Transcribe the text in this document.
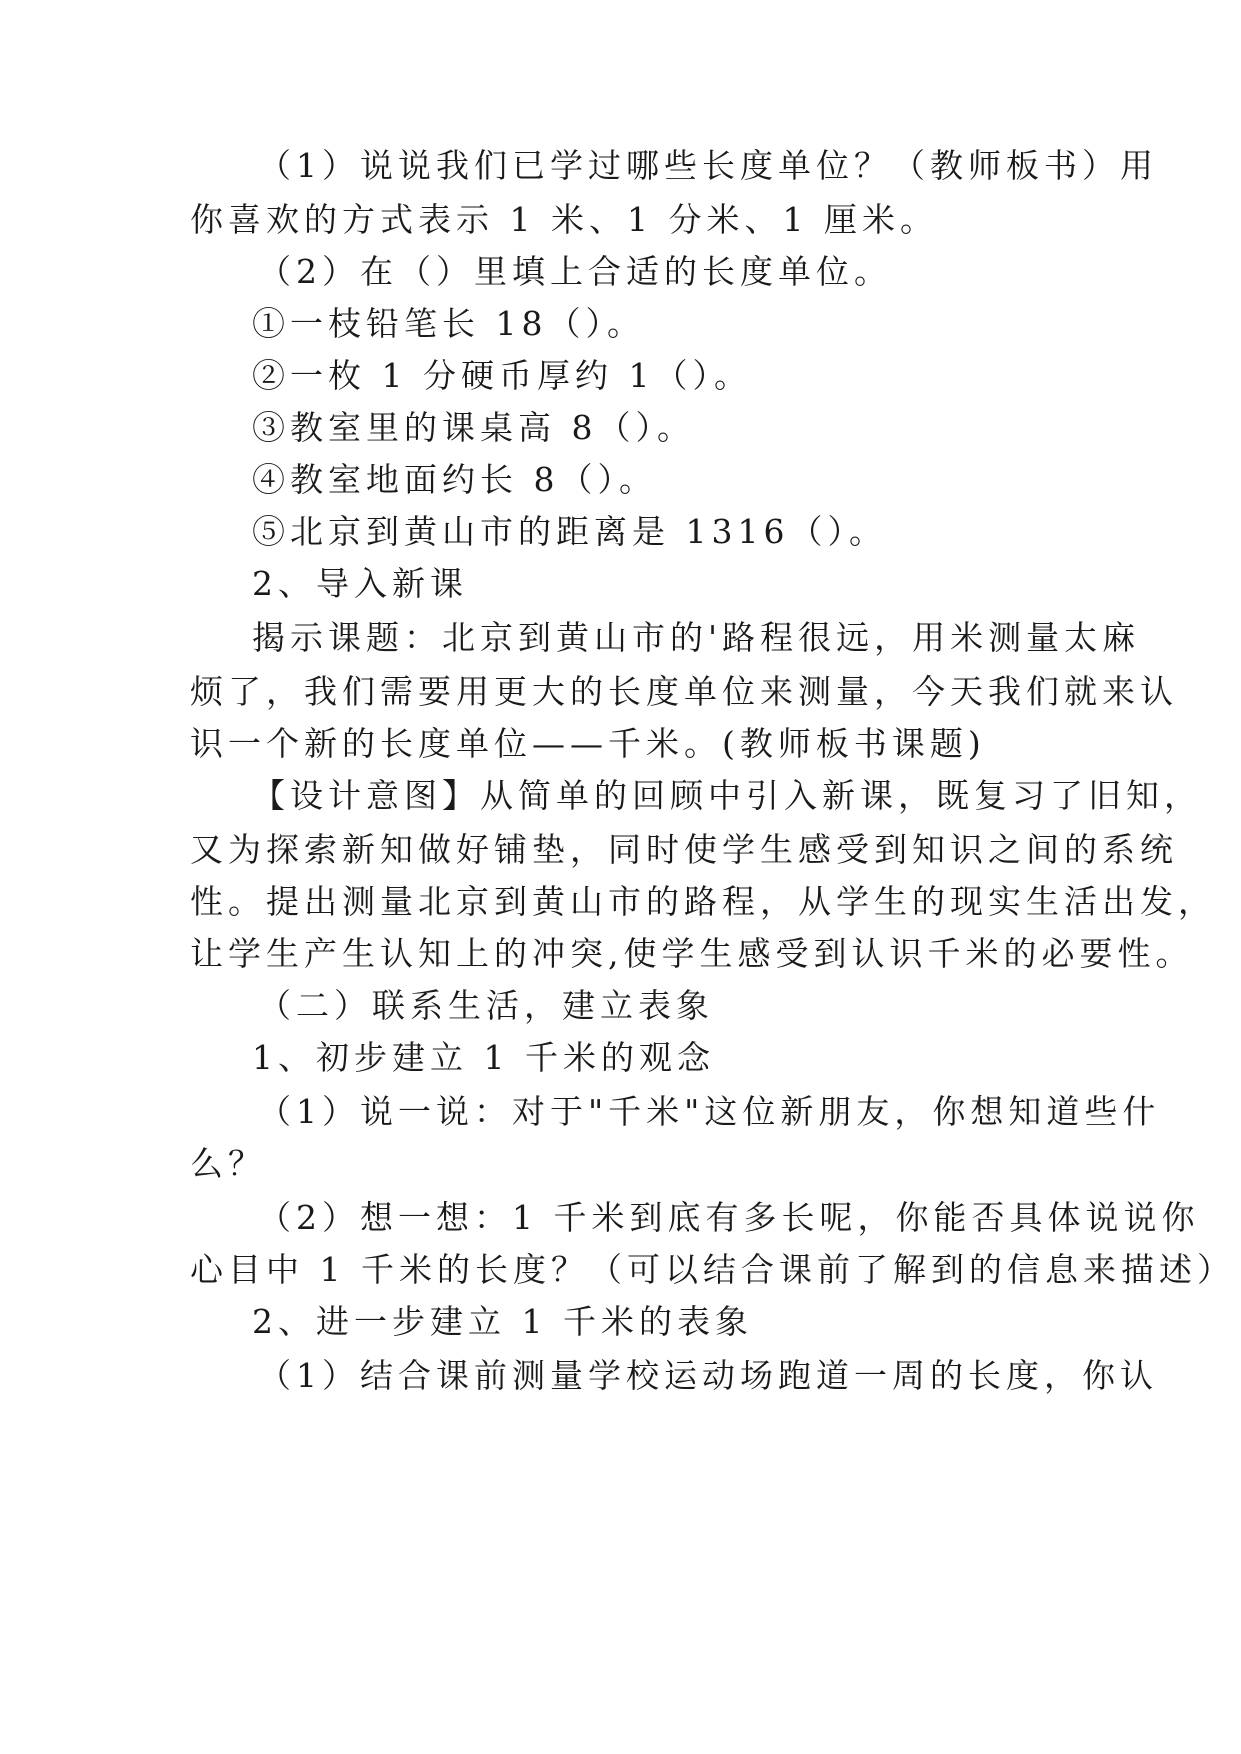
（1）说说我们已学过哪些长度单位？（教师板书）用
你喜欢的方式表示 1 米、1 分米、1 厘米。
（2）在（）里填上合适的长度单位。
①一枝铅笔长 18（）。
②一枚 1 分硬币厚约 1（）。
③教室里的课桌高 8（）。
④教室地面约长 8（）。
⑤北京到黄山市的距离是 1316（）。
2、导入新课
揭示课题：北京到黄山市的'路程很远，用米测量太麻
烦了，我们需要用更大的长度单位来测量，今天我们就来认
识一个新的长度单位——千米。(教师板书课题)
【设计意图】从简单的回顾中引入新课，既复习了旧知，
又为探索新知做好铺垫，同时使学生感受到知识之间的系统
性。提出测量北京到黄山市的路程，从学生的现实生活出发，
让学生产生认知上的冲突,使学生感受到认识千米的必要性。
（二）联系生活，建立表象
1、初步建立 1 千米的观念
（1）说一说：对于"千米"这位新朋友，你想知道些什
么？
（2）想一想：1 千米到底有多长呢，你能否具体说说你
心目中 1 千米的长度？（可以结合课前了解到的信息来描述）
2、进一步建立 1 千米的表象
（1）结合课前测量学校运动场跑道一周的长度，你认
